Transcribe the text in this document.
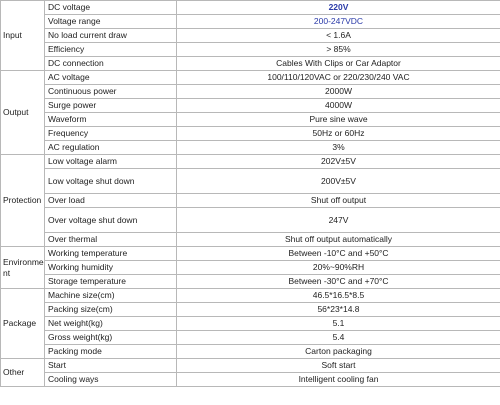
Input	DC voltage	220V
	Voltage range	200-247VDC
	No load current draw	< 1.6A
	Efficiency	> 85%
	DC connection	Cables With Clips or Car Adaptor
Output	AC voltage	100/110/120VAC or 220/230/240 VAC
	Continuous power	2000W
	Surge power	4000W
	Waveform	Pure sine wave
	Frequency	50Hz or 60Hz
	AC regulation	3%
Protection	Low voltage alarm	202V±5V
	Low voltage shut down	200V±5V
	Over load	Shut off output
	Over voltage shut down	247V
	Over thermal	Shut off output automatically
Environme nt	Working temperature	Between -10°C and +50°C
	Working humidity	20%~90%RH
	Storage temperature	Between -30°C and +70°C
Package	Machine size(cm)	46.5*16.5*8.5
	Packing size(cm)	56*23*14.8
	Net weight(kg)	5.1
	Gross weight(kg)	5.4
	Packing mode	Carton packaging
Other	Start	Soft start
	Cooling ways	Intelligent cooling fan
